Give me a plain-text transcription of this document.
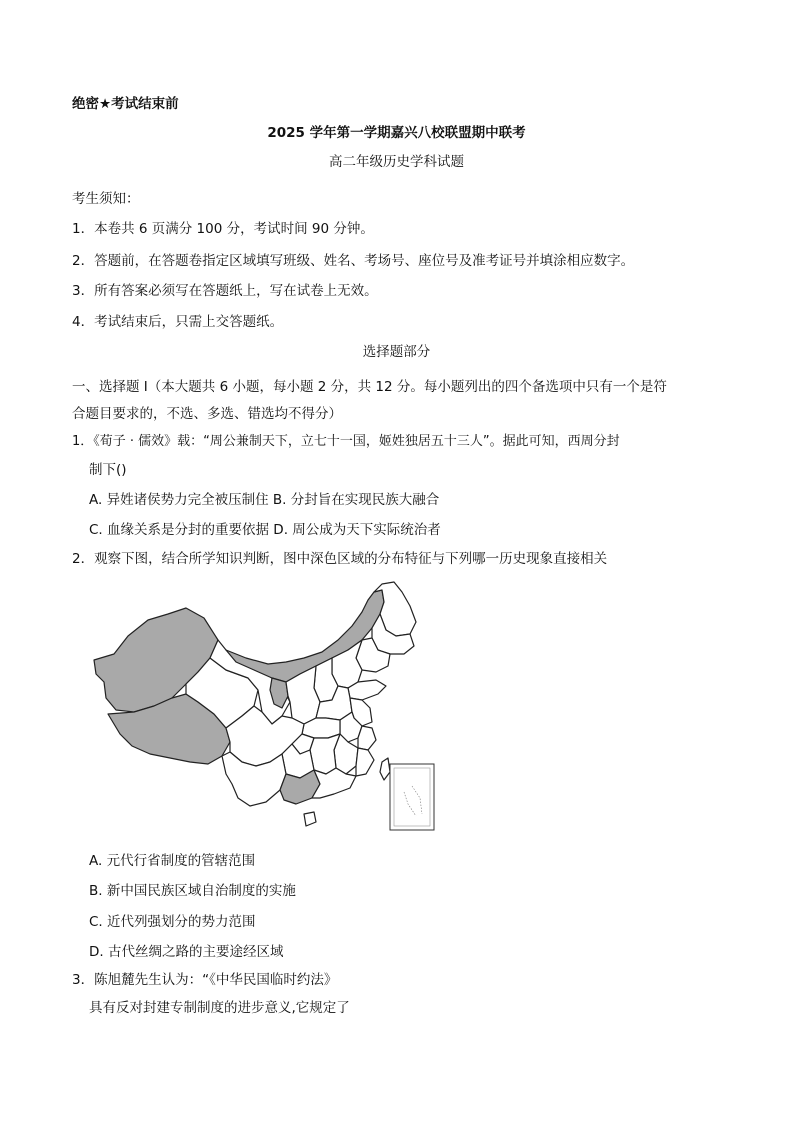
绝密★考试结束前
2025 学年第一学期嘉兴八校联盟期中联考
高二年级历史学科试题
考生须知：
1．本卷共 6 页满分 100 分，考试时间 90 分钟。
2．答题前，在答题卷指定区域填写班级、姓名、考场号、座位号及准考证号并填涂相应数字。
3．所有答案必须写在答题纸上，写在试卷上无效。
4．考试结束后，只需上交答题纸。
选择题部分
一、选择题 I（本大题共 6 小题，每小题 2 分，共 12 分。每小题列出的四个备选项中只有一个是符
合题目要求的，不选、多选、错选均不得分）
1．《荀子 · 儒效》载：“周公兼制天下，立七十一国，姬姓独居五十三人”。据此可知，西周分封
制下()
A. 异姓诸侯势力完全被压制住 B. 分封旨在实现民族大融合
C. 血缘关系是分封的重要依据 D. 周公成为天下实际统治者
2．观察下图，结合所学知识判断，图中深色区域的分布特征与下列哪一历史现象直接相关
A. 元代行省制度的管辖范围
B. 新中国民族区域自治制度的实施
C. 近代列强划分的势力范围
D. 古代丝绸之路的主要途经区域
3．陈旭麓先生认为：“《中华民国临时约法》
具有反对封建专制制度的进步意义,它规定了
